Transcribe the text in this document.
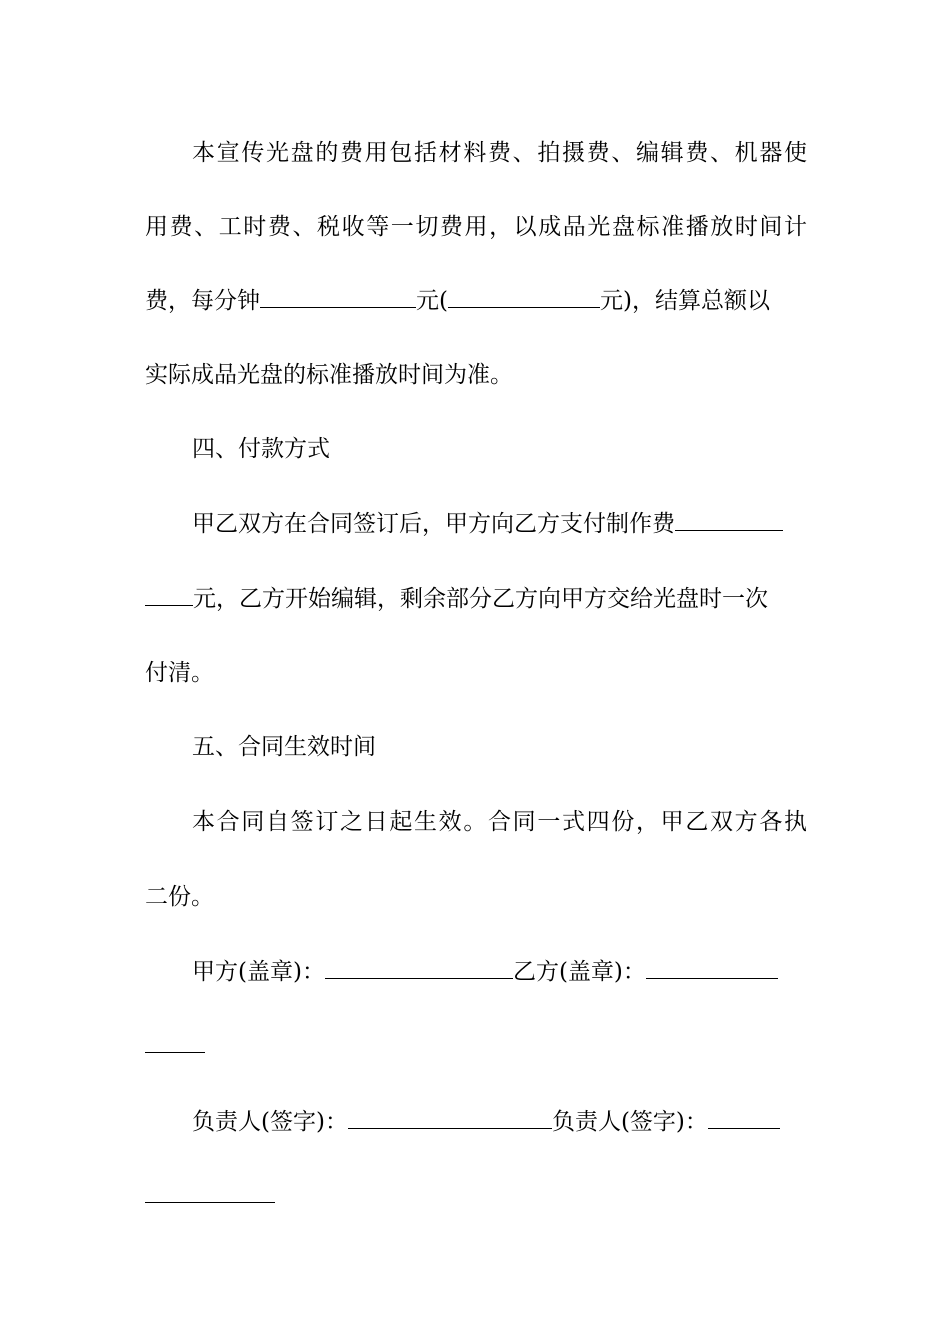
本宣传光盘的费用包括材料费、拍摄费、编辑费、机器使
用费、工时费、税收等一切费用，以成品光盘标准播放时间计
费，每分钟	元(	元)，结算总额以
实际成品光盘的标准播放时间为准。
四、付款方式
甲乙双方在合同签订后，甲方向乙方支付制作费
元，乙方开始编辑，剩余部分乙方向甲方交给光盘时一次
付清。
五、合同生效时间
本合同自签订之日起生效。合同一式四份，甲乙双方各执
二份。
甲方(盖章)：	乙方(盖章)：
负责人(签字)：	负责人(签字)：
